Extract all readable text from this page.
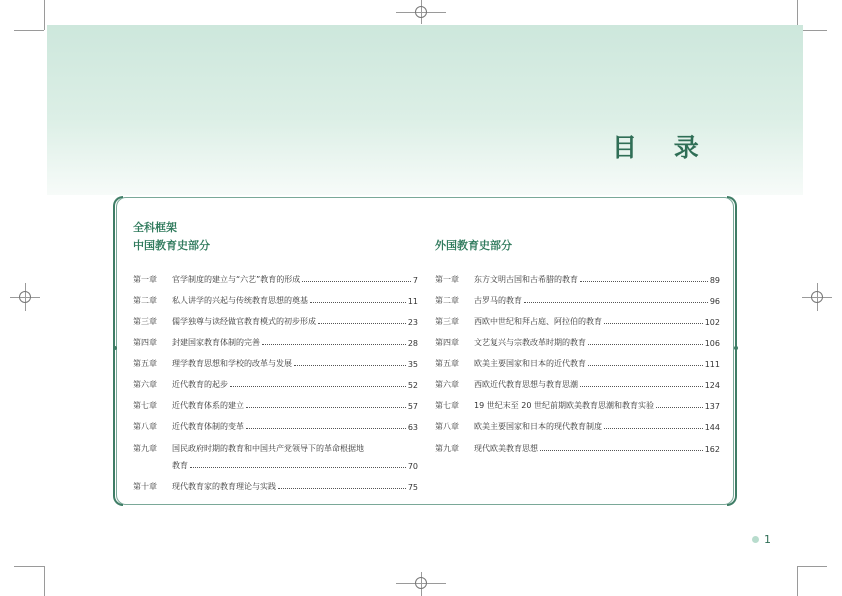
目 录
全科框架
中国教育史部分	外国教育史部分
第一章	官学制度的建立与“六艺”教育的形成	7
第二章	私人讲学的兴起与传统教育思想的奠基	11
第三章	儒学独尊与读经做官教育模式的初步形成	23
第四章	封建国家教育体制的完善	28
第五章	理学教育思想和学校的改革与发展	35
第六章	近代教育的起步	52
第七章	近代教育体系的建立	57
第八章	近代教育体制的变革	63
第九章	国民政府时期的教育和中国共产党领导下的革命根据地
教育	70
第十章	现代教育家的教育理论与实践	75
第一章	东方文明古国和古希腊的教育	89
第二章	古罗马的教育	96
第三章	西欧中世纪和拜占庭、阿拉伯的教育	102
第四章	文艺复兴与宗教改革时期的教育	106
第五章	欧美主要国家和日本的近代教育	111
第六章	西欧近代教育思想与教育思潮	124
第七章	19 世纪末至 20 世纪前期欧美教育思潮和教育实验	137
第八章	欧美主要国家和日本的现代教育制度	144
第九章	现代欧美教育思想	162
1
